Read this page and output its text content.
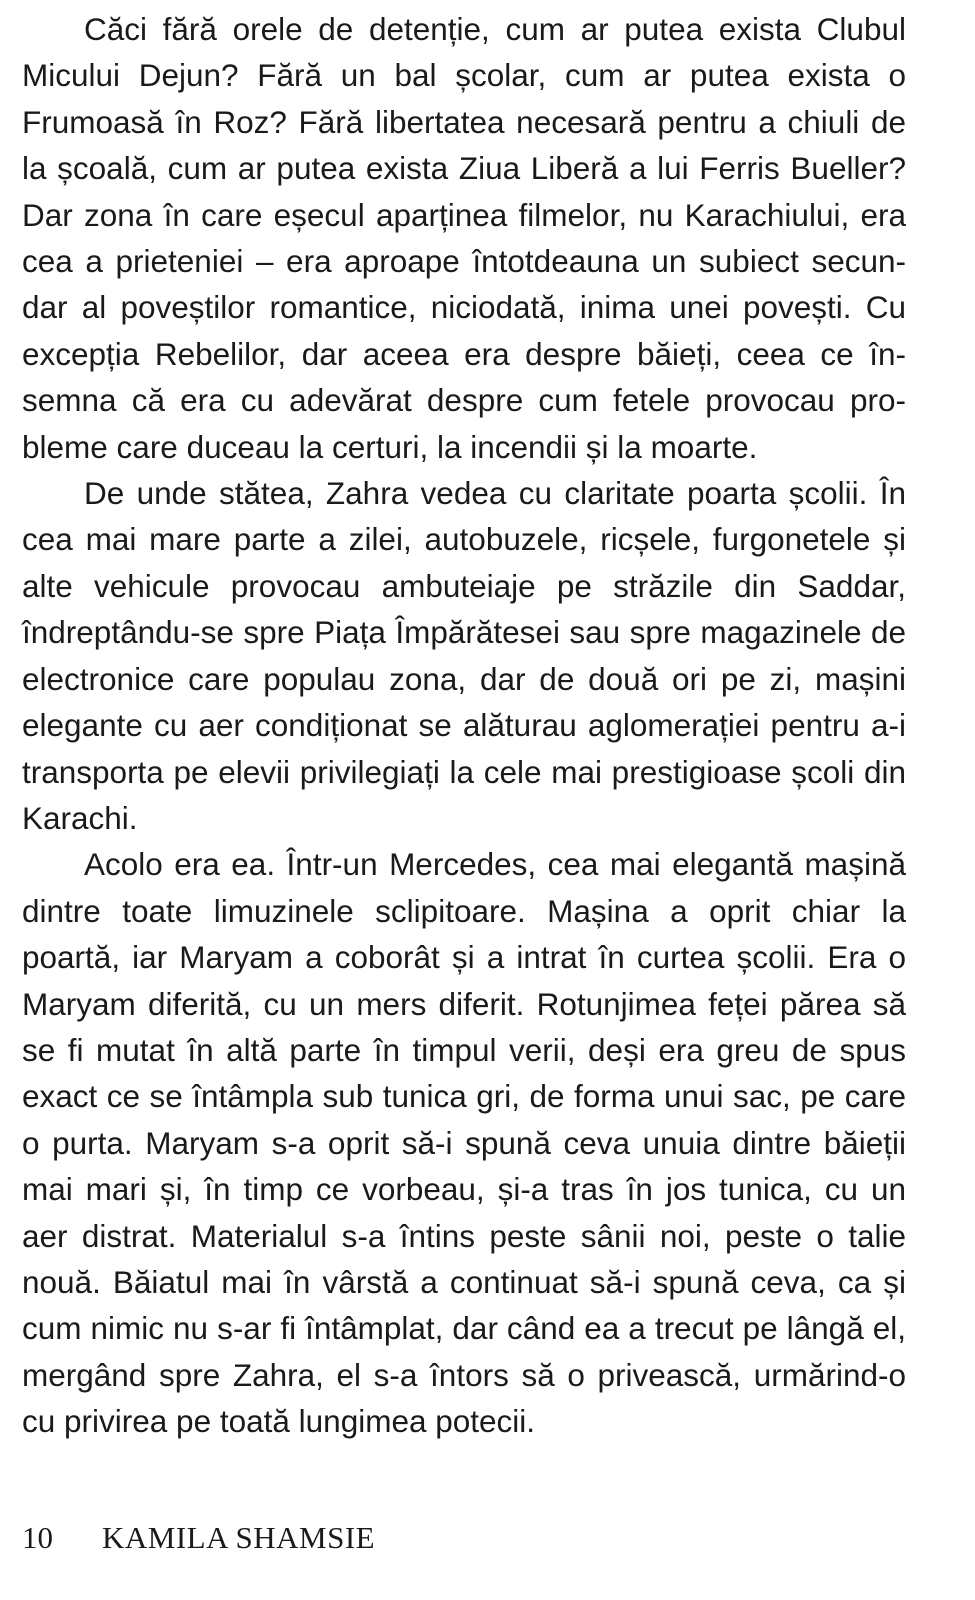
Căci fără orele de detenție, cum ar putea exista Clubul Micului Dejun? Fără un bal școlar, cum ar putea exista o Frumoasă în Roz? Fără libertatea necesară pentru a chiuli de la școală, cum ar putea exista Ziua Liberă a lui Ferris Bueller? Dar zona în care eșecul aparținea filmelor, nu Karachiului, era cea a prieteniei – era aproape întotdeauna un subiect secundar al poveștilor romantice, niciodată, inima unei povești. Cu excepția Rebelilor, dar aceea era despre băieți, ceea ce însemna că era cu adevărat despre cum fetele provocau probleme care duceau la certuri, la incendii și la moarte.

De unde stătea, Zahra vedea cu claritate poarta școlii. În cea mai mare parte a zilei, autobuzele, ricșele, furgonetele și alte vehicule provocau ambuteiaje pe străzile din Saddar, îndreptându-se spre Piața Împărătesei sau spre magazinele de electronice care populau zona, dar de două ori pe zi, mașini elegante cu aer condiționat se alăturau aglomerației pentru a-i transporta pe elevii privilegiați la cele mai prestigioase școli din Karachi.

Acolo era ea. Într-un Mercedes, cea mai elegantă mașină dintre toate limuzinele sclipitoare. Mașina a oprit chiar la poartă, iar Maryam a coborât și a intrat în curtea școlii. Era o Maryam diferită, cu un mers diferit. Rotunjimea feței părea să se fi mutat în altă parte în timpul verii, deși era greu de spus exact ce se întâmpla sub tunica gri, de forma unui sac, pe care o purta. Maryam s-a oprit să-i spună ceva unuia dintre băieții mai mari și, în timp ce vorbeau, și-a tras în jos tunica, cu un aer distrat. Materialul s-a întins peste sânii noi, peste o talie nouă. Băiatul mai în vârstă a continuat să-i spună ceva, ca și cum nimic nu s-ar fi întâmplat, dar când ea a trecut pe lângă el, mergând spre Zahra, el s-a întors să o privească, urmărind-o cu privirea pe toată lungimea potecii.

10 KAMILA SHAMSIE
